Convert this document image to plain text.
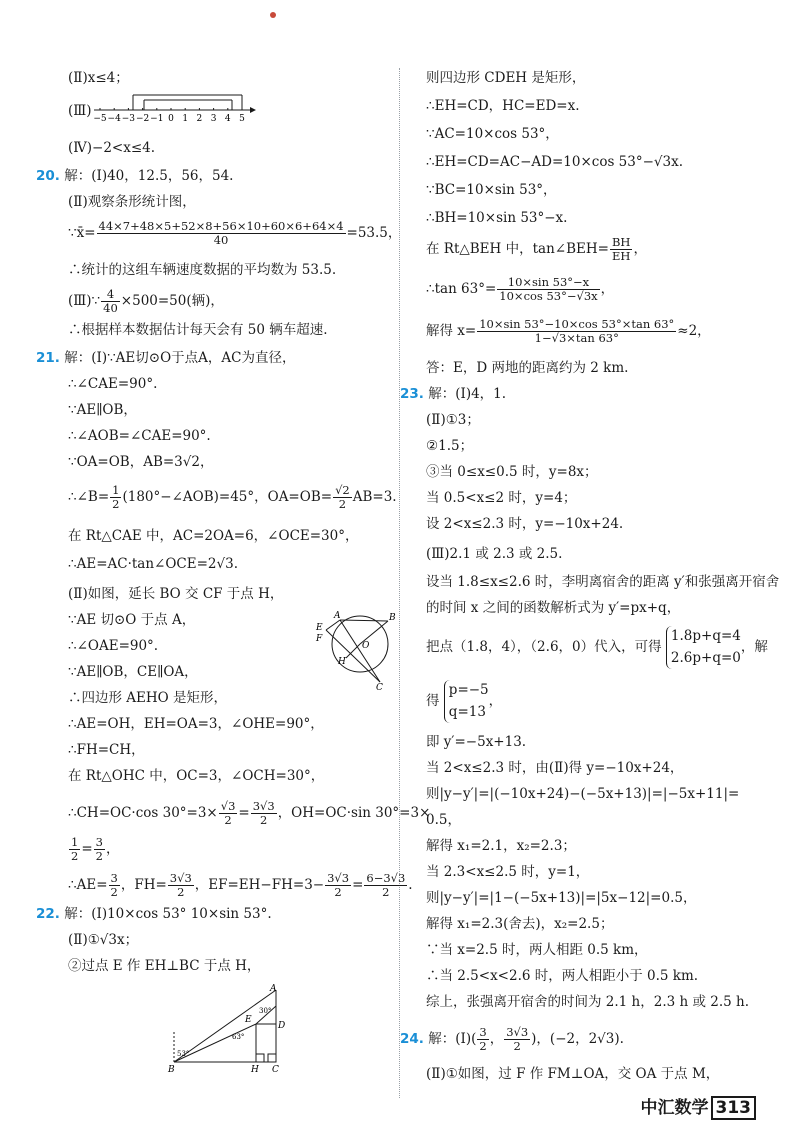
(Ⅱ)x≤4；
(Ⅲ) −5 −4 −3 −2 −1 0 1 2 3 4 5
(Ⅳ)−2<x≤4.
20. 解：(Ⅰ)40，12.5，56，54.
(Ⅱ)观察条形统计图，
∵x̄= $\frac{44\times 7+48\times 5+52\times 8+56\times 10+60\times 6+64\times 4}{40} =53.5$，
∴统计的这组车辆速度数据的平均数为 53.5.
(Ⅲ)∵ $\frac{4}{40} \times 500=50$(辆)，
∴根据样本数据估计每天会有 50 辆车超速.
21. 解：(Ⅰ)∵AE切⊙O于点A，AC为直径，
∴∠CAE=90°.
∵AE∥OB，
∴∠AOB=∠CAE=90°.
∵OA=OB，AB=3√2，
∴∠B= $\frac{1}{2}$ (180°−∠AOB)=45°，$OA=OB= \frac{√2}{2} AB=3$.
在 Rt△CAE 中，AC=2OA=6，∠OCE=30°，
∴AE=AC·tan∠OCE=2√3.
(Ⅱ)如图，延长 BO 交 CF 于点 H，
∵AE 切⊙O 于点 A，
∴∠OAE=90°.
∵AE∥OB，CE∥OA，
∴四边形 AEHO 是矩形，
∴AE=OH，EH=OA=3，∠OHE=90°，
∴FH=CH，
在 Rt△OHC 中，OC=3，∠OCH=30°，
A	B
E
F
O
H
C
∴CH=OC·cos $30^\circ=3\times \frac{√3}{2} = \frac{3√3}{2}$ ，OH=OC·sin 30°=3×
$\frac{1}{2} = \frac{3}{2}$ ，
∴AE= $\frac{3}{2}$ ，$FH= \frac{3√3}{2}$ ，$EF=EH-FH=3- \frac{3√3}{2} = \frac{6-3√3}{2}$ .
22. 解：(Ⅰ)10×cos 53° 10×sin 53°.
(Ⅱ)①√3x；
②过点 E 作 EH⊥BC 于点 H，
A
D
E
30°
63°
53°
B	H C
则四边形 CDEH 是矩形，
∴EH=CD，HC=ED=x.
∵AC=10×cos 53°，
∴EH=CD=AC−AD=10×cos 53°−√3x.
∵BC=10×sin 53°，
∴BH=10×sin 53°−x.
在 Rt△BEH 中，tan∠BEH= $\frac{BH}{EH}$ ，
∴tan $63^\circ= \frac{10\times\sin 53^\circ-x}{10\times\cos 53^\circ-√3x}$ ，
解得 $x= \frac{10\times\sin 53^\circ-10\times\cos 53^\circ\times\tan 63^\circ}{1-√3\times\tan 63^\circ} \approx 2$，
答：E，D 两地的距离约为 2 km.
23. 解：(Ⅰ)4，1.
(Ⅱ)①3；
②1.5；
③当 0≤x≤0.5 时，y=8x；
当 0.5<x≤2 时，y=4；
设 2<x≤2.3 时，y=−10x+24.
(Ⅲ)2.1 或 2.3 或 2.5.
设当 1.8≤x≤2.6 时，李明离宿舍的距离 y′和张强离开宿舍
的时间 x 之间的函数解析式为 y′=px+q，
把点（1.8，4），（2.6，0）代入，可得
1.8p+q=4
2.6p+q=0
，解
得
p=−5
q=13
，
即 y′=−5x+13.
当 2<x≤2.3 时，由(Ⅱ)得 y=−10x+24，
则|y−y′|=|(−10x+24)−(−5x+13)|=|−5x+11|=
0.5，
解得 x₁=2.1，x₂=2.3；
当 2.3<x≤2.5 时，y=1，
则|y−y′|=|1−(−5x+13)|=|5x−12|=0.5，
解得 x₁=2.3(舍去)，x₂=2.5；
∵当 x=2.5 时，两人相距 0.5 km，
∴当 2.5<x<2.6 时，两人相距小于 0.5 km.
综上，张强离开宿舍的时间为 2.1 h，2.3 h 或 2.5 h.
24. 解：(Ⅰ)( $\frac{3}{2}$ ， $\frac{3√3}{2}$ )，(−2，2√3).
(Ⅱ)①如图，过 F 作 FM⊥OA，交 OA 于点 M，
中汇数学 313
